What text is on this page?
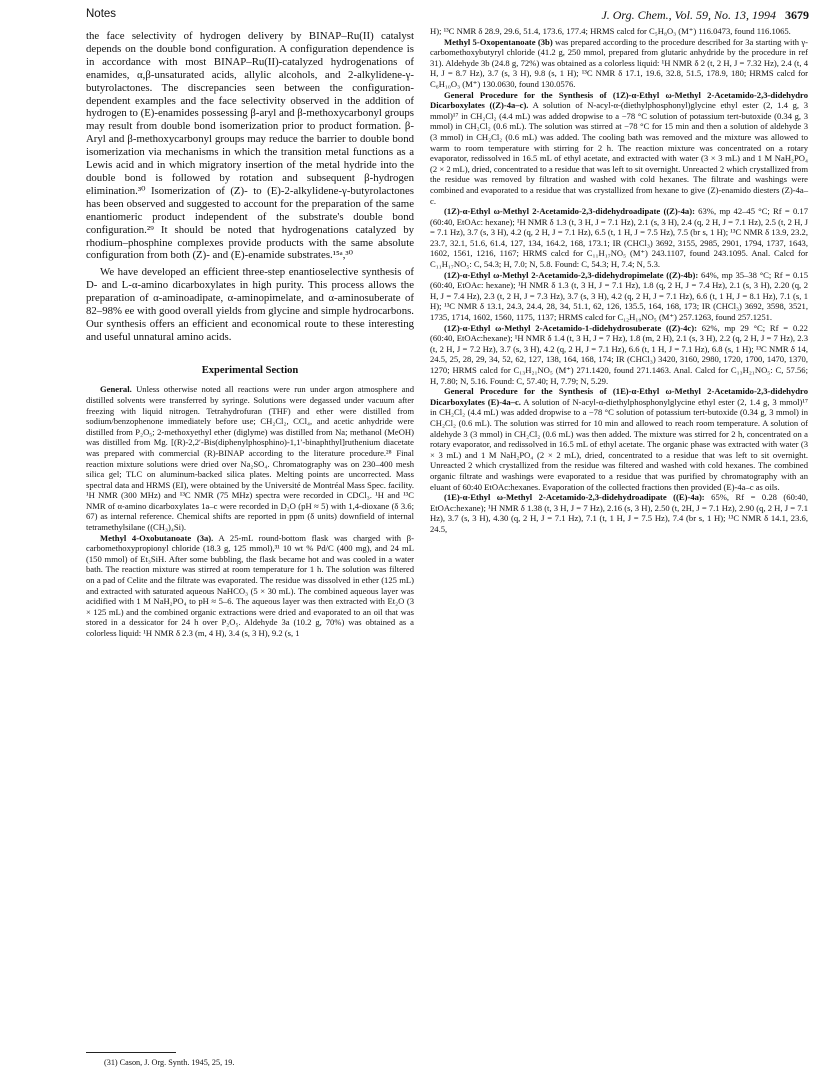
Notes	J. Org. Chem., Vol. 59, No. 13, 1994 3679

the face selectivity of hydrogen delivery by BINAP–Ru(II) catalyst depends on the double bond configuration. A configuration dependence is in accordance with most BINAP–Ru(II)-catalyzed hydrogenations of enamides, α,β-unsaturated acids, allylic alcohols, and 2-alkylidene-γ-butyrolactones. The discrepancies seen between the configuration-dependent examples and the face selectivity observed in the addition of hydrogen to (E)-enamides possessing β-aryl and β-methoxycarbonyl groups may result from double bond isomerization prior to product formation. β-Aryl and β-methoxycarbonyl groups may reduce the barrier to double bond isomerization via mechanisms in which the transition metal functions as a Lewis acid and in which migratory insertion of the metal hydride into the double bond is followed by rotation and subsequent β-hydrogen elimination.³⁰ Isomerization of (Z)- to (E)-2-alkylidene-γ-butyrolactones has been observed and suggested to account for the preparation of the same enantiomeric product independent of the substrate's double bond configuration.²⁹ It should be noted that hydrogenations catalyzed by rhodium–phosphine complexes provide products with the same absolute configuration from both (Z)- and (E)-enamide substrates.¹⁵ᵃ,³⁰

We have developed an efficient three-step enantioselective synthesis of D- and L-α-amino dicarboxylates in high purity. This process allows the preparation of α-aminoadipate, α-aminopimelate, and α-aminosuberate of 82–98% ee with good overall yields from glycine and simple hydrocarbons. Our synthesis offers an efficient and economical route to these interesting and useful unnatural amino acids.

Experimental Section

General. Unless otherwise noted all reactions were run under argon atmosphere and distilled solvents were transferred by syringe. Solutions were degassed under vacuum after freezing with liquid nitrogen. Tetrahydrofuran (THF) and ether were distilled from sodium/benzophenone immediately before use; CH₂Cl₂, CCl₄, and acetic anhydride were distilled from P₂O₅; 2-methoxyethyl ether (diglyme) was distilled from Na; methanol (MeOH) was distilled from Mg. [(R)-2,2′-Bis(diphenylphosphino)-1,1′-binaphthyl]ruthenium diacetate was prepared with commercial (R)-BINAP according to the literature procedure.²⁸ Final reaction mixture solutions were dried over Na₂SO₄. Chromatography was on 230–400 mesh silica gel; TLC on aluminum-backed silica plates. Melting points are uncorrected. Mass spectral data and HRMS (EI), were obtained by the Université de Montréal Mass Spec. facility. ¹H NMR (300 MHz) and ¹³C NMR (75 MHz) spectra were recorded in CDCl₃. ¹H and ¹³C NMR of α-amino dicarboxylates 1a–c were recorded in D₂O (pH ≈ 5) with 1,4-dioxane (δ 3.6; 67) as internal reference. Chemical shifts are reported in ppm (δ units) downfield of internal tetramethylsilane ((CH₃)₄Si).

Methyl 4-Oxobutanoate (3a). A 25-mL round-bottom flask was charged with β-carbomethoxypropionyl chloride (18.3 g, 125 mmol),³¹ 10 wt % Pd/C (400 mg), and 24 mL (150 mmol) of Et₃SiH. After some bubbling, the flask became hot and was cooled in a water bath. The reaction mixture was stirred at room temperature for 1 h. The solution was filtered on a pad of Celite and the filtrate was evaporated. The residue was dissolved in ether (125 mL) and extracted with saturated aqueous NaHCO₃ (5 × 30 mL). The combined aqueous layer was acidified with 1 M NaH₂PO₄ to pH ≈ 5–6. The aqueous layer was then extracted with Et₂O (3 × 125 mL) and the combined organic extractions were dried and evaporated to an oil that was stored in a dessicator for 24 h over P₂O₅. Aldehyde 3a (10.2 g, 70%) was obtained as a colorless liquid: ¹H NMR δ 2.3 (m, 4 H), 3.4 (s, 3 H), 9.2 (s, 1

H); ¹³C NMR δ 28.9, 29.6, 51.4, 173.6, 177.4; HRMS calcd for C₅H₈O₃ (M⁺) 116.0473, found 116.1065.

Methyl 5-Oxopentanoate (3b) was prepared according to the procedure described for 3a starting with γ-carbomethoxybutyryl chloride (41.2 g, 250 mmol, prepared from glutaric anhydride by the procedure in ref 31). Aldehyde 3b (24.8 g, 72%) was obtained as a colorless liquid: ¹H NMR δ 2 (t, 2 H, J = 7.32 Hz), 2.4 (t, 4 H, J = 8.7 Hz), 3.7 (s, 3 H), 9.8 (s, 1 H); ¹³C NMR δ 17.1, 19.6, 32.8, 51.5, 178.9, 180; HRMS calcd for C₆H₁₀O₃ (M⁺) 130.0630, found 130.0576.

General Procedure for the Synthesis of (1Z)-α-Ethyl ω-Methyl 2-Acetamido-2,3-didehydro Dicarboxylates ((Z)-4a–c). A solution of N-acyl-α-(diethylphosphonyl)glycine ethyl ester (2, 1.4 g, 3 mmol)¹⁷ in CH₂Cl₂ (4.4 mL) was added dropwise to a −78 °C solution of potassium tert-butoxide (0.34 g, 3 mmol) in CH₂Cl₂ (0.6 mL). The solution was stirred at −78 °C for 15 min and then a solution of aldehyde 3 (3 mmol) in CH₂Cl₂ (0.6 mL) was added. The cooling bath was removed and the mixture was allowed to warm to room temperature with stirring for 2 h. The reaction mixture was concentrated on a rotary evaporator, redissolved in 16.5 mL of ethyl acetate, and extracted with water (3 × 3 mL) and 1 M NaH₂PO₄ (2 × 2 mL), dried, concentrated to a residue that was left to sit overnight. Unreacted 2 which crystallized from the residue was removed by filtration and washed with cold hexanes. The filtrate and washings were combined and evaporated to a residue that was crystallized from hexane to give (Z)-enamido diesters (Z)-4a–c.

(1Z)-α-Ethyl ω-Methyl 2-Acetamido-2,3-didehydroadipate ((Z)-4a): 63%, mp 42–45 °C; Rf = 0.17 (60:40, EtOAc: hexane); ¹H NMR δ 1.3 (t, 3 H, J = 7.1 Hz), 2.1 (s, 3 H), 2.4 (q, 2 H, J = 7.1 Hz), 2.5 (t, 2 H, J = 7.1 Hz), 3.7 (s, 3 H), 4.2 (q, 2 H, J = 7.1 Hz), 6.5 (t, 1 H, J = 7.5 Hz), 7.5 (br s, 1 H); ¹³C NMR δ 13.9, 23.2, 23.7, 32.1, 51.6, 61.4, 127, 134, 164.2, 168, 173.1; IR (CHCl₃) 3692, 3155, 2985, 2901, 1794, 1737, 1643, 1602, 1561, 1216, 1167; HRMS calcd for C₁₁H₁₇NO₅ (M⁺) 243.1107, found 243.1095. Anal. Calcd for C₁₁H₁₇NO₅: C, 54.3; H, 7.0; N, 5.8. Found: C, 54.3; H, 7.4; N, 5.3.

(1Z)-α-Ethyl ω-Methyl 2-Acetamido-2,3-didehydropimelate ((Z)-4b): 64%, mp 35–38 °C; Rf = 0.15 (60:40, EtOAc: hexane); ¹H NMR δ 1.3 (t, 3 H, J = 7.1 Hz), 1.8 (q, 2 H, J = 7.4 Hz), 2.1 (s, 3 H), 2.20 (q, 2 H, J = 7.4 Hz), 2.3 (t, 2 H, J = 7.3 Hz), 3.7 (s, 3 H), 4.2 (q, 2 H, J = 7.1 Hz), 6.6 (t, 1 H, J = 8.1 Hz), 7.1 (s, 1 H); ¹³C NMR δ 13.1, 24.3, 24.4, 28, 34, 51.1, 62, 126, 135.5, 164, 168, 173; IR (CHCl₃) 3692, 3598, 3521, 1735, 1714, 1602, 1560, 1175, 1137; HRMS calcd for C₁₂H₁₉NO₅ (M⁺) 257.1263, found 257.1251.

(1Z)-α-Ethyl ω-Methyl 2-Acetamido-1-didehydrosuberate ((Z)-4c): 62%, mp 29 °C; Rf = 0.22 (60:40, EtOAc:hexane); ¹H NMR δ 1.4 (t, 3 H, J = 7 Hz), 1.8 (m, 2 H), 2.1 (s, 3 H), 2.2 (q, 2 H, J = 7 Hz), 2.3 (t, 2 H, J = 7.2 Hz), 3.7 (s, 3 H), 4.2 (q, 2 H, J = 7.1 Hz), 6.6 (t, 1 H, J = 7.1 Hz), 6.8 (s, 1 H); ¹³C NMR δ 14, 24.5, 25, 28, 29, 34, 52, 62, 127, 138, 164, 168, 174; IR (CHCl₃) 3420, 3160, 2980, 1720, 1700, 1470, 1370, 1270; HRMS calcd for C₁₃H₂₁NO₅ (M⁺) 271.1420, found 271.1463. Anal. Calcd for C₁₃H₂₁NO₅: C, 57.56; H, 7.80; N, 5.16. Found: C, 57.40; H, 7.79; N, 5.29.

General Procedure for the Synthesis of (1E)-α-Ethyl ω-Methyl 2-Acetamido-2,3-didehydro Dicarboxylates (E)-4a–c. A solution of N-acyl-α-diethylphosphonylglycine ethyl ester (2, 1.4 g, 3 mmol)¹⁷ in CH₂Cl₂ (4.4 mL) was added dropwise to a −78 °C solution of potassium tert-butoxide (0.34 g, 3 mmol) in CH₂Cl₂ (0.6 mL). The solution was stirred for 10 min and allowed to reach room temperature. A solution of aldehyde 3 (3 mmol) in CH₂Cl₂ (0.6 mL) was then added. The mixture was stirred for 2 h, concentrated on a rotary evaporator, and redissolved in 16.5 mL of ethyl acetate. The organic phase was extracted with water (3 × 3 mL) and 1 M NaH₂PO₄ (2 × 2 mL), dried, concentrated to a residue that was left to sit overnight. Unreacted 2 which crystallized from the residue was filtered and washed with cold hexanes. The combined organic filtrate and washings were evaporated to a residue that was purified by chromatography with an eluant of 60:40 EtOAc:hexanes. Evaporation of the collected fractions then provided (E)-4a–c as oils.

(1E)-α-Ethyl ω-Methyl 2-Acetamido-2,3-didehydroadipate ((E)-4a): 65%, Rf = 0.28 (60:40, EtOAc:hexane); ¹H NMR δ 1.38 (t, 3 H, J = 7 Hz), 2.16 (s, 3 H), 2.50 (t, 2H, J = 7.1 Hz), 2.90 (q, 2 H, J = 7.1 Hz), 3.7 (s, 3 H), 4.30 (q, 2 H, J = 7.1 Hz), 7.1 (t, 1 H, J = 7.5 Hz), 7.4 (br s, 1 H); ¹³C NMR δ 14.1, 23.6, 24.5,

(31) Cason, J. Org. Synth. 1945, 25, 19.
